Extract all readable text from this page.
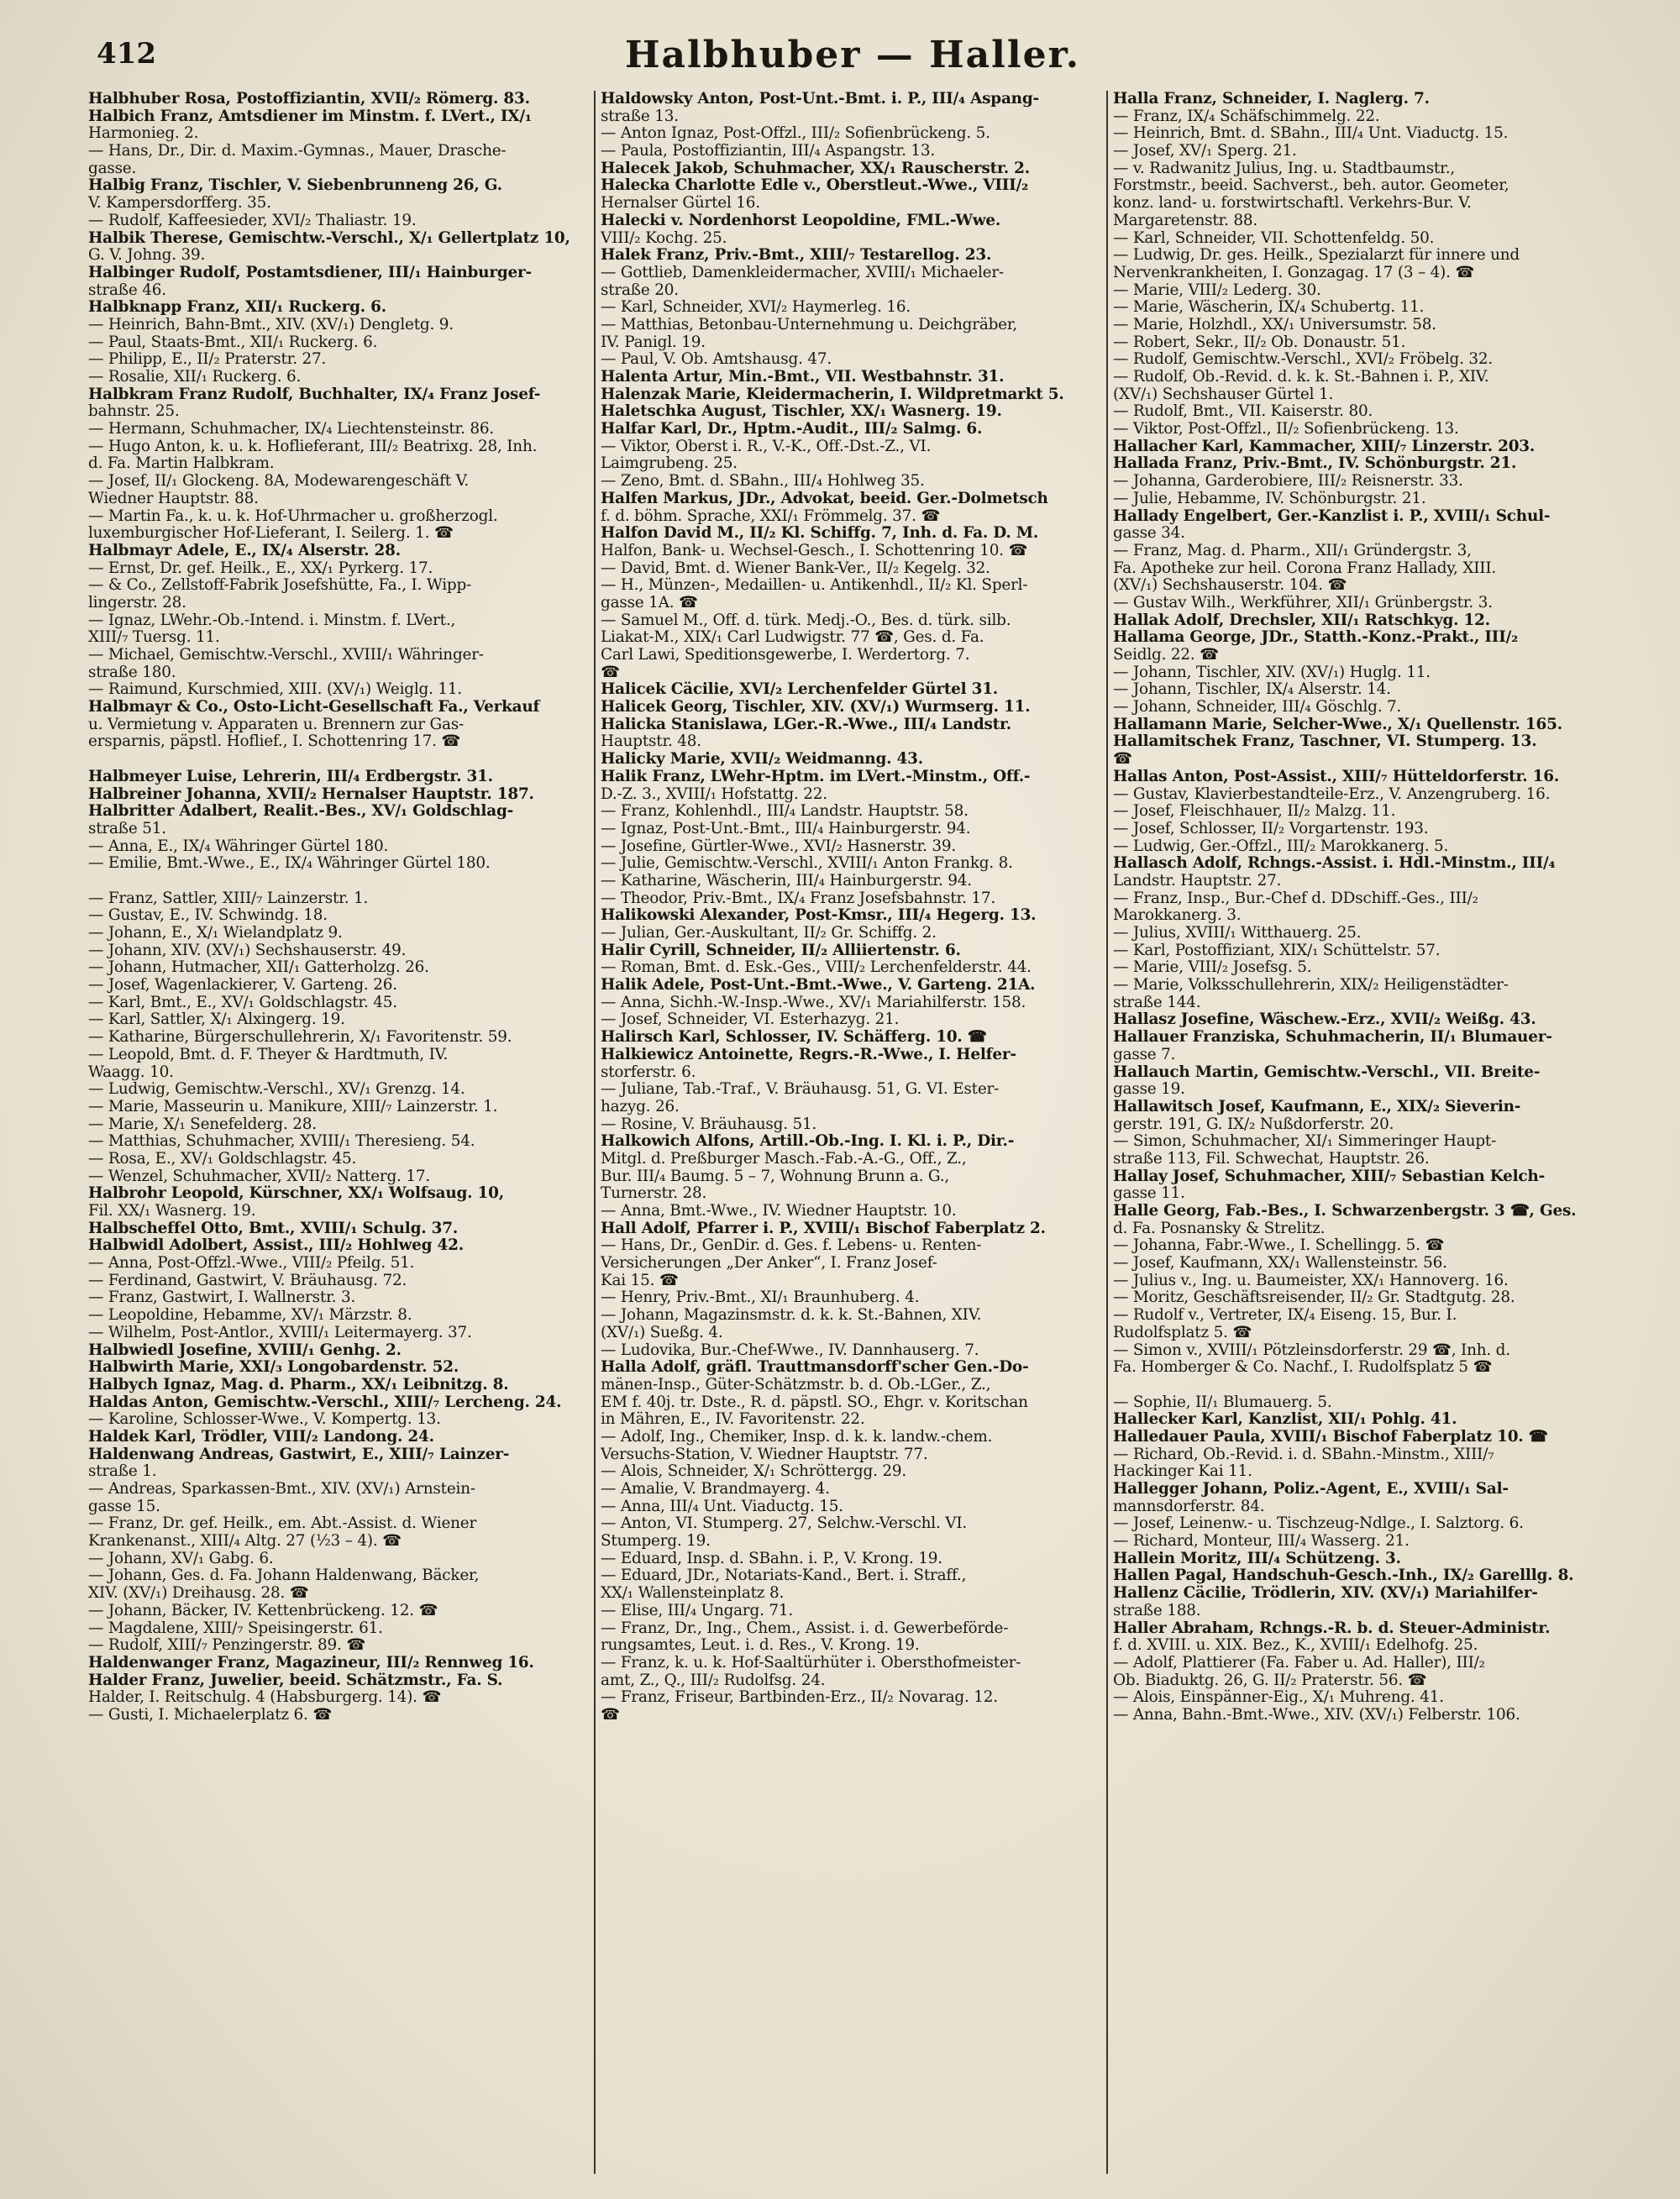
412	Halbhuber — Haller.
Halbhuber Rosa, Postoffiziantin, XVII/₂ Römerg. 83.
Halbich Franz, Amtsdiener im Minstm. f. LVert., IX/₁
Harmonieg. 2.
— Hans, Dr., Dir. d. Maxim.-Gymnas., Mauer, Drasche-
gasse.
Halbig Franz, Tischler, V. Siebenbrunneng 26, G.
V. Kampersdorfferg. 35.
— Rudolf, Kaffeesieder, XVI/₂ Thaliastr. 19.
Halbik Therese, Gemischtw.-Verschl., X/₁ Gellertplatz 10,
G. V. Johng. 39.
Halbinger Rudolf, Postamtsdiener, III/₁ Hainburger-
straße 46.
Halbknapp Franz, XII/₁ Ruckerg. 6.
— Heinrich, Bahn-Bmt., XIV. (XV/₁) Dengletg. 9.
— Paul, Staats-Bmt., XII/₁ Ruckerg. 6.
— Philipp, E., II/₂ Praterstr. 27.
— Rosalie, XII/₁ Ruckerg. 6.
Halbkram Franz Rudolf, Buchhalter, IX/₄ Franz Josef-
bahnstr. 25.
— Hermann, Schuhmacher, IX/₄ Liechtensteinstr. 86.
— Hugo Anton, k. u. k. Hoflieferant, III/₂ Beatrixg. 28, Inh.
d. Fa. Martin Halbkram.
— Josef, II/₁ Glockeng. 8A, Modewarengeschäft V.
Wiedner Hauptstr. 88.
— Martin Fa., k. u. k. Hof-Uhrmacher u. großherzogl.
luxemburgischer Hof-Lieferant, I. Seilerg. 1. ☎
Halbmayr Adele, E., IX/₄ Alserstr. 28.
— Ernst, Dr. gef. Heilk., E., XX/₁ Pyrkerg. 17.
— & Co., Zellstoff-Fabrik Josefshütte, Fa., I. Wipp-
lingerstr. 28.
— Ignaz, LWehr.-Ob.-Intend. i. Minstm. f. LVert.,
XIII/₇ Tuersg. 11.
— Michael, Gemischtw.-Verschl., XVIII/₁ Währinger-
straße 180.
— Raimund, Kurschmied, XIII. (XV/₁) Weiglg. 11.
Halbmayr & Co., Osto-Licht-Gesellschaft Fa., Verkauf
u. Vermietung v. Apparaten u. Brennern zur Gas-
ersparnis, päpstl. Hoflief., I. Schottenring 17. ☎
Halbmeyer Luise, Lehrerin, III/₄ Erdbergstr. 31.
Halbreiner Johanna, XVII/₂ Hernalser Hauptstr. 187.
Halbritter Adalbert, Realit.-Bes., XV/₁ Goldschlag-
straße 51.
— Anna, E., IX/₄ Währinger Gürtel 180.
— Emilie, Bmt.-Wwe., E., IX/₄ Währinger Gürtel 180.
— Franz, Sattler, XIII/₇ Lainzerstr. 1.
— Gustav, E., IV. Schwindg. 18.
— Johann, E., X/₁ Wielandplatz 9.
— Johann, XIV. (XV/₁) Sechshauserstr. 49.
— Johann, Hutmacher, XII/₁ Gatterholzg. 26.
— Josef, Wagenlackierer, V. Garteng. 26.
— Karl, Bmt., E., XV/₁ Goldschlagstr. 45.
— Karl, Sattler, X/₁ Alxingerg. 19.
— Katharine, Bürgerschullehrerin, X/₁ Favoritenstr. 59.
— Leopold, Bmt. d. F. Theyer & Hardtmuth, IV.
Waagg. 10.
— Ludwig, Gemischtw.-Verschl., XV/₁ Grenzg. 14.
— Marie, Masseurin u. Manikure, XIII/₇ Lainzerstr. 1.
— Marie, X/₁ Senefelderg. 28.
— Matthias, Schuhmacher, XVIII/₁ Theresieng. 54.
— Rosa, E., XV/₁ Goldschlagstr. 45.
— Wenzel, Schuhmacher, XVII/₂ Natterg. 17.
Halbrohr Leopold, Kürschner, XX/₁ Wolfsaug. 10,
Fil. XX/₁ Wasnerg. 19.
Halbscheffel Otto, Bmt., XVIII/₁ Schulg. 37.
Halbwidl Adolbert, Assist., III/₂ Hohlweg 42.
— Anna, Post-Offzl.-Wwe., VIII/₂ Pfeilg. 51.
— Ferdinand, Gastwirt, V. Bräuhausg. 72.
— Franz, Gastwirt, I. Wallnerstr. 3.
— Leopoldine, Hebamme, XV/₁ Märzstr. 8.
— Wilhelm, Post-Antlor., XVIII/₁ Leitermayerg. 37.
Halbwiedl Josefine, XVIII/₁ Genhg. 2.
Halbwirth Marie, XXI/₃ Longobardenstr. 52.
Halbych Ignaz, Mag. d. Pharm., XX/₁ Leibnitzg. 8.
Haldas Anton, Gemischtw.-Verschl., XIII/₇ Lercheng. 24.
— Karoline, Schlosser-Wwe., V. Kompertg. 13.
Haldek Karl, Trödler, VIII/₂ Landong. 24.
Haldenwang Andreas, Gastwirt, E., XIII/₇ Lainzer-
straße 1.
— Andreas, Sparkassen-Bmt., XIV. (XV/₁) Arnstein-
gasse 15.
— Franz, Dr. gef. Heilk., em. Abt.-Assist. d. Wiener
Krankenanst., XIII/₄ Altg. 27 (½3 – 4). ☎
— Johann, XV/₁ Gabg. 6.
— Johann, Ges. d. Fa. Johann Haldenwang, Bäcker,
XIV. (XV/₁) Dreihausg. 28. ☎
— Johann, Bäcker, IV. Kettenbrückeng. 12. ☎
— Magdalene, XIII/₇ Speisingerstr. 61.
— Rudolf, XIII/₇ Penzingerstr. 89. ☎
Haldenwanger Franz, Magazineur, III/₂ Rennweg 16.
Halder Franz, Juwelier, beeid. Schätzmstr., Fa. S.
Halder, I. Reitschulg. 4 (Habsburgerg. 14). ☎
— Gusti, I. Michaelerplatz 6. ☎
Haldowsky Anton, Post-Unt.-Bmt. i. P., III/₄ Aspang-
straße 13.
— Anton Ignaz, Post-Offzl., III/₂ Sofienbrückeng. 5.
— Paula, Postoffiziantin, III/₄ Aspangstr. 13.
Halecek Jakob, Schuhmacher, XX/₁ Rauscherstr. 2.
Halecka Charlotte Edle v., Oberstleut.-Wwe., VIII/₂
Hernalser Gürtel 16.
Halecki v. Nordenhorst Leopoldine, FML.-Wwe.
VIII/₂ Kochg. 25.
Halek Franz, Priv.-Bmt., XIII/₇ Testarellog. 23.
— Gottlieb, Damenkleidermacher, XVIII/₁ Michaeler-
straße 20.
— Karl, Schneider, XVI/₂ Haymerleg. 16.
— Matthias, Betonbau-Unternehmung u. Deichgräber,
IV. Panigl. 19.
— Paul, V. Ob. Amtshausg. 47.
Halenta Artur, Min.-Bmt., VII. Westbahnstr. 31.
Halenzak Marie, Kleidermacherin, I. Wildpretmarkt 5.
Haletschka August, Tischler, XX/₁ Wasnerg. 19.
Halfar Karl, Dr., Hptm.-Audit., III/₂ Salmg. 6.
— Viktor, Oberst i. R., V.-K., Off.-Dst.-Z., VI.
Laimgrubeng. 25.
— Zeno, Bmt. d. SBahn., III/₄ Hohlweg 35.
Halfen Markus, JDr., Advokat, beeid. Ger.-Dolmetsch
f. d. böhm. Sprache, XXI/₁ Frömmelg. 37. ☎
Halfon David M., II/₂ Kl. Schiffg. 7, Inh. d. Fa. D. M.
Halfon, Bank- u. Wechsel-Gesch., I. Schottenring 10. ☎
— David, Bmt. d. Wiener Bank-Ver., II/₂ Kegelg. 32.
— H., Münzen-, Medaillen- u. Antikenhdl., II/₂ Kl. Sperl-
gasse 1A. ☎
— Samuel M., Off. d. türk. Medj.-O., Bes. d. türk. silb.
Liakat-M., XIX/₁ Carl Ludwigstr. 77 ☎, Ges. d. Fa.
Carl Lawi, Speditionsgewerbe, I. Werdertorg. 7.
☎
Halicek Cäcilie, XVI/₂ Lerchenfelder Gürtel 31.
Halicek Georg, Tischler, XIV. (XV/₁) Wurmserg. 11.
Halicka Stanislawa, LGer.-R.-Wwe., III/₄ Landstr.
Hauptstr. 48.
Halicky Marie, XVII/₂ Weidmanng. 43.
Halik Franz, LWehr-Hptm. im LVert.-Minstm., Off.-
D.-Z. 3., XVIII/₁ Hofstattg. 22.
— Franz, Kohlenhdl., III/₄ Landstr. Hauptstr. 58.
— Ignaz, Post-Unt.-Bmt., III/₄ Hainburgerstr. 94.
— Josefine, Gürtler-Wwe., XVI/₂ Hasnerstr. 39.
— Julie, Gemischtw.-Verschl., XVIII/₁ Anton Frankg. 8.
— Katharine, Wäscherin, III/₄ Hainburgerstr. 94.
— Theodor, Priv.-Bmt., IX/₄ Franz Josefsbahnstr. 17.
Halikowski Alexander, Post-Kmsr., III/₄ Hegerg. 13.
— Julian, Ger.-Auskultant, II/₂ Gr. Schiffg. 2.
Halir Cyrill, Schneider, II/₂ Alliiertenstr. 6.
— Roman, Bmt. d. Esk.-Ges., VIII/₂ Lerchenfelderstr. 44.
Halik Adele, Post-Unt.-Bmt.-Wwe., V. Garteng. 21A.
— Anna, Sichh.-W.-Insp.-Wwe., XV/₁ Mariahilferstr. 158.
— Josef, Schneider, VI. Esterhazyg. 21.
Halirsch Karl, Schlosser, IV. Schäfferg. 10. ☎
Halkiewicz Antoinette, Regrs.-R.-Wwe., I. Helfer-
storferstr. 6.
— Juliane, Tab.-Traf., V. Bräuhausg. 51, G. VI. Ester-
hazyg. 26.
— Rosine, V. Bräuhausg. 51.
Halkowich Alfons, Artill.-Ob.-Ing. I. Kl. i. P., Dir.-
Mitgl. d. Preßburger Masch.-Fab.-A.-G., Off., Z.,
Bur. III/₄ Baumg. 5 – 7, Wohnung Brunn a. G.,
Turnerstr. 28.
— Anna, Bmt.-Wwe., IV. Wiedner Hauptstr. 10.
Hall Adolf, Pfarrer i. P., XVIII/₁ Bischof Faberplatz 2.
— Hans, Dr., GenDir. d. Ges. f. Lebens- u. Renten-
Versicherungen „Der Anker“, I. Franz Josef-
Kai 15. ☎
— Henry, Priv.-Bmt., XI/₁ Braunhuberg. 4.
— Johann, Magazinsmstr. d. k. k. St.-Bahnen, XIV.
(XV/₁) Sueßg. 4.
— Ludovika, Bur.-Chef-Wwe., IV. Dannhauserg. 7.
Halla Adolf, gräfl. Trauttmansdorff'scher Gen.-Do-
mänen-Insp., Güter-Schätzmstr. b. d. Ob.-LGer., Z.,
EM f. 40j. tr. Dste., R. d. päpstl. SO., Ehgr. v. Koritschan
in Mähren, E., IV. Favoritenstr. 22.
— Adolf, Ing., Chemiker, Insp. d. k. k. landw.-chem.
Versuchs-Station, V. Wiedner Hauptstr. 77.
— Alois, Schneider, X/₁ Schröttergg. 29.
— Amalie, V. Brandmayerg. 4.
— Anna, III/₄ Unt. Viaductg. 15.
— Anton, VI. Stumperg. 27, Selchw.-Verschl. VI.
Stumperg. 19.
— Eduard, Insp. d. SBahn. i. P., V. Krong. 19.
— Eduard, JDr., Notariats-Kand., Bert. i. Straff.,
XX/₁ Wallensteinplatz 8.
— Elise, III/₄ Ungarg. 71.
— Franz, Dr., Ing., Chem., Assist. i. d. Gewerbeförde-
rungsamtes, Leut. i. d. Res., V. Krong. 19.
— Franz, k. u. k. Hof-Saaltürhüter i. Obersthofmeister-
amt, Z., Q., III/₂ Rudolfsg. 24.
— Franz, Friseur, Bartbinden-Erz., II/₂ Novarag. 12.
☎
Halla Franz, Schneider, I. Naglerg. 7.
— Franz, IX/₄ Schäfschimmelg. 22.
— Heinrich, Bmt. d. SBahn., III/₄ Unt. Viaductg. 15.
— Josef, XV/₁ Sperg. 21.
— v. Radwanitz Julius, Ing. u. Stadtbaumstr.,
Forstmstr., beeid. Sachverst., beh. autor. Geometer,
konz. land- u. forstwirtschaftl. Verkehrs-Bur. V.
Margaretenstr. 88.
— Karl, Schneider, VII. Schottenfeldg. 50.
— Ludwig, Dr. ges. Heilk., Spezialarzt für innere und
Nervenkrankheiten, I. Gonzagag. 17 (3 – 4). ☎
— Marie, VIII/₂ Lederg. 30.
— Marie, Wäscherin, IX/₄ Schubertg. 11.
— Marie, Holzhdl., XX/₁ Universumstr. 58.
— Robert, Sekr., II/₂ Ob. Donaustr. 51.
— Rudolf, Gemischtw.-Verschl., XVI/₂ Fröbelg. 32.
— Rudolf, Ob.-Revid. d. k. k. St.-Bahnen i. P., XIV.
(XV/₁) Sechshauser Gürtel 1.
— Rudolf, Bmt., VII. Kaiserstr. 80.
— Viktor, Post-Offzl., II/₂ Sofienbrückeng. 13.
Hallacher Karl, Kammacher, XIII/₇ Linzerstr. 203.
Hallada Franz, Priv.-Bmt., IV. Schönburgstr. 21.
— Johanna, Garderobiere, III/₂ Reisnerstr. 33.
— Julie, Hebamme, IV. Schönburgstr. 21.
Hallady Engelbert, Ger.-Kanzlist i. P., XVIII/₁ Schul-
gasse 34.
— Franz, Mag. d. Pharm., XII/₁ Gründergstr. 3,
Fa. Apotheke zur heil. Corona Franz Hallady, XIII.
(XV/₁) Sechshauserstr. 104. ☎
— Gustav Wilh., Werkführer, XII/₁ Grünbergstr. 3.
Hallak Adolf, Drechsler, XII/₁ Ratschkyg. 12.
Hallama George, JDr., Statth.-Konz.-Prakt., III/₂
Seidlg. 22. ☎
— Johann, Tischler, XIV. (XV/₁) Huglg. 11.
— Johann, Tischler, IX/₄ Alserstr. 14.
— Johann, Schneider, III/₄ Göschlg. 7.
Hallamann Marie, Selcher-Wwe., X/₁ Quellenstr. 165.
Hallamitschek Franz, Taschner, VI. Stumperg. 13.
☎
Hallas Anton, Post-Assist., XIII/₇ Hütteldorferstr. 16.
— Gustav, Klavierbestandteile-Erz., V. Anzengruberg. 16.
— Josef, Fleischhauer, II/₂ Malzg. 11.
— Josef, Schlosser, II/₂ Vorgartenstr. 193.
— Ludwig, Ger.-Offzl., III/₂ Marokkanerg. 5.
Hallasch Adolf, Rchngs.-Assist. i. Hdl.-Minstm., III/₄
Landstr. Hauptstr. 27.
— Franz, Insp., Bur.-Chef d. DDschiff.-Ges., III/₂
Marokkanerg. 3.
— Julius, XVIII/₁ Witthauerg. 25.
— Karl, Postoffiziant, XIX/₁ Schüttelstr. 57.
— Marie, VIII/₂ Josefsg. 5.
— Marie, Volksschullehrerin, XIX/₂ Heiligenstädter-
straße 144.
Hallasz Josefine, Wäschew.-Erz., XVII/₂ Weißg. 43.
Hallauer Franziska, Schuhmacherin, II/₁ Blumauer-
gasse 7.
Hallauch Martin, Gemischtw.-Verschl., VII. Breite-
gasse 19.
Hallawitsch Josef, Kaufmann, E., XIX/₂ Sieverin-
gerstr. 191, G. IX/₂ Nußdorferstr. 20.
— Simon, Schuhmacher, XI/₁ Simmeringer Haupt-
straße 113, Fil. Schwechat, Hauptstr. 26.
Hallay Josef, Schuhmacher, XIII/₇ Sebastian Kelch-
gasse 11.
Halle Georg, Fab.-Bes., I. Schwarzenbergstr. 3 ☎, Ges.
d. Fa. Posnansky & Strelitz.
— Johanna, Fabr.-Wwe., I. Schellingg. 5. ☎
— Josef, Kaufmann, XX/₁ Wallensteinstr. 56.
— Julius v., Ing. u. Baumeister, XX/₁ Hannoverg. 16.
— Moritz, Geschäftsreisender, II/₂ Gr. Stadtgutg. 28.
— Rudolf v., Vertreter, IX/₄ Eiseng. 15, Bur. I.
Rudolfsplatz 5. ☎
— Simon v., XVIII/₁ Pötzleinsdorferstr. 29 ☎, Inh. d.
Fa. Homberger & Co. Nachf., I. Rudolfsplatz 5 ☎
— Sophie, II/₁ Blumauerg. 5.
Hallecker Karl, Kanzlist, XII/₁ Pohlg. 41.
Halledauer Paula, XVIII/₁ Bischof Faberplatz 10. ☎
— Richard, Ob.-Revid. i. d. SBahn.-Minstm., XIII/₇
Hackinger Kai 11.
Hallegger Johann, Poliz.-Agent, E., XVIII/₁ Sal-
mannsdorferstr. 84.
— Josef, Leinenw.- u. Tischzeug-Ndlge., I. Salztorg. 6.
— Richard, Monteur, III/₄ Wasserg. 21.
Hallein Moritz, III/₄ Schützeng. 3.
Hallen Pagal, Handschuh-Gesch.-Inh., IX/₂ Garelllg. 8.
Hallenz Cäcilie, Trödlerin, XIV. (XV/₁) Mariahilfer-
straße 188.
Haller Abraham, Rchngs.-R. b. d. Steuer-Administr.
f. d. XVIII. u. XIX. Bez., K., XVIII/₁ Edelhofg. 25.
— Adolf, Plattierer (Fa. Faber u. Ad. Haller), III/₂
Ob. Biaduktg. 26, G. II/₂ Praterstr. 56. ☎
— Alois, Einspänner-Eig., X/₁ Muhreng. 41.
— Anna, Bahn.-Bmt.-Wwe., XIV. (XV/₁) Felberstr. 106.
